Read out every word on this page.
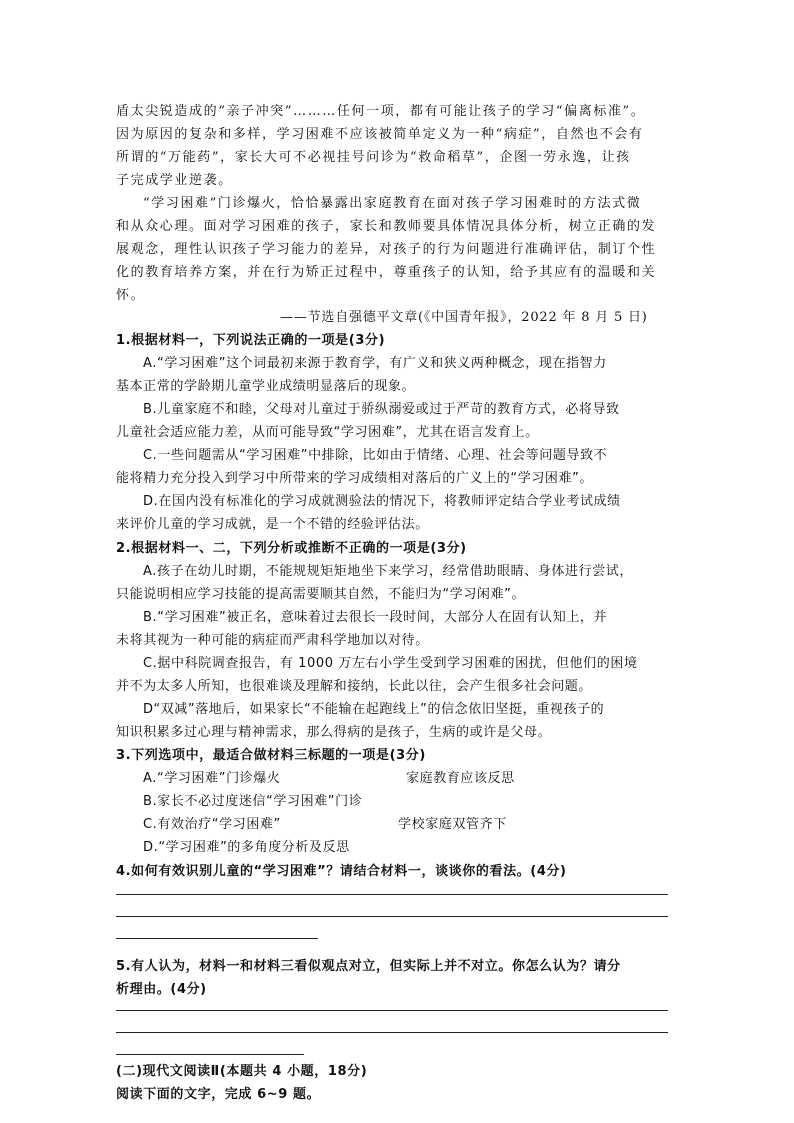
盾太尖锐造成的“亲子冲突”………任何一项，都有可能让孩子的学习“偏离标准”。
因为原因的复杂和多样，学习困难不应该被简单定义为一种“病症”，自然也不会有
所谓的“万能药”，家长大可不必视挂号问诊为“救命稻草”，企图一劳永逸，让孩
子完成学业逆袭。
“学习困难”门诊爆火，恰恰暴露出家庭教育在面对孩子学习困难时的方法式微
和从众心理。面对学习困难的孩子，家长和教师要具体情况具体分析，树立正确的发
展观念，理性认识孩子学习能力的差异，对孩子的行为问题进行准确评估，制订个性
化的教育培养方案，并在行为矫正过程中，尊重孩子的认知，给予其应有的温暖和关
怀。
——节选自强德平文章(《中国青年报》，2022 年 8 月 5 日)
1.根据材料一，下列说法正确的一项是(3分)
A.“学习困难”这个词最初来源于教育学，有广义和狭义两种概念，现在指智力
基本正常的学龄期儿童学业成绩明显落后的现象。
B.儿童家庭不和睦，父母对儿童过于骄纵溺爱或过于严苛的教育方式，必将导致
儿童社会适应能力差，从而可能导致“学习困难”，尤其在语言发育上。
C.一些问题需从“学习困难”中排除，比如由于情绪、心理、社会等问题导致不
能将精力充分投入到学习中所带来的学习成绩相对落后的广义上的“学习困难”。
D.在国内没有标准化的学习成就测验法的情况下，将教师评定结合学业考试成绩
来评价儿童的学习成就，是一个不错的经验评估法。
2.根据材料一、二，下列分析或推断不正确的一项是(3分)
A.孩子在幼儿时期，不能规规矩矩地坐下来学习，经常借助眼睛、身体进行尝试，
只能说明相应学习技能的提高需要顺其自然，不能归为“学习闲难”。
B.“学习困难”被正名，意味着过去很长一段时间，大部分人在固有认知上，并
未将其视为一种可能的病症而严肃科学地加以对待。
C.据中科院调查报告，有 1000 万左右小学生受到学习困难的困扰，但他们的困境
并不为太多人所知，也很难谈及理解和接纳，长此以往，会产生很多社会问题。
D“双减”落地后，如果家长“不能输在起跑线上”的信念依旧坚挺，重视孩子的
知识积累多过心理与精神需求，那么得病的是孩子，生病的或许是父母。
3.下列选项中，最适合做材料三标题的一项是(3分)
A.“学习困难”门诊爆火	家庭教育应该反思
B.家长不必过度迷信“学习困难”门诊
C.有效治疗“学习困难”	学校家庭双管齐下
D.“学习困难”的多角度分析及反思
4.如何有效识别儿童的“学习困难”？请结合材料一，谈谈你的看法。(4分)
5.有人认为，材料一和材料三看似观点对立，但实际上并不对立。你怎么认为？请分
析理由。(4分)
(二)现代文阅读Ⅱ(本题共 4 小题，18分)
阅读下面的文字，完成 6~9 题。
